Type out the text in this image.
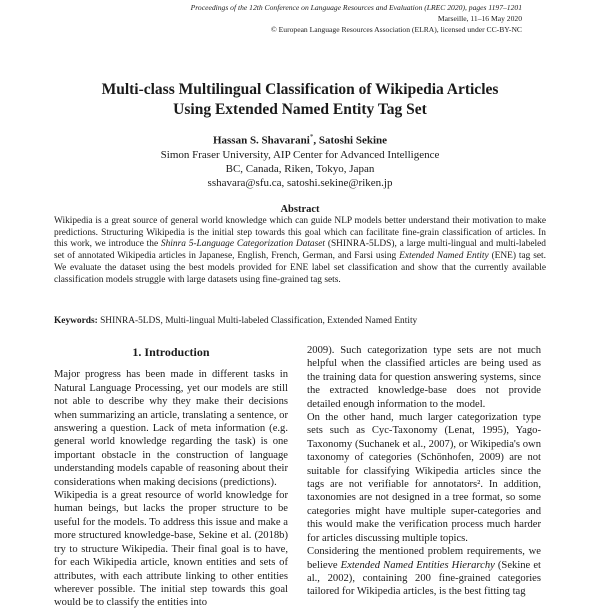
Proceedings of the 12th Conference on Language Resources and Evaluation (LREC 2020), pages 1197–1201
Marseille, 11–16 May 2020
© European Language Resources Association (ELRA), licensed under CC-BY-NC
Multi-class Multilingual Classification of Wikipedia Articles
Using Extended Named Entity Tag Set
Hassan S. Shavarani*, Satoshi Sekine
Simon Fraser University, AIP Center for Advanced Intelligence
BC, Canada, Riken, Tokyo, Japan
sshavara@sfu.ca, satoshi.sekine@riken.jp
Abstract
Wikipedia is a great source of general world knowledge which can guide NLP models better understand their motivation to make predictions. Structuring Wikipedia is the initial step towards this goal which can facilitate fine-grain classification of articles. In this work, we introduce the Shinra 5-Language Categorization Dataset (SHINRA-5LDS), a large multi-lingual and multi-labeled set of annotated Wikipedia articles in Japanese, English, French, German, and Farsi using Extended Named Entity (ENE) tag set. We evaluate the dataset using the best models provided for ENE label set classification and show that the currently available classification models struggle with large datasets using fine-grained tag sets.
Keywords: SHINRA-5LDS, Multi-lingual Multi-labeled Classification, Extended Named Entity
1. Introduction

Major progress has been made in different tasks in Natural Language Processing, yet our models are still not able to describe why they make their decisions when summarizing an article, translating a sentence, or answering a question. Lack of meta information (e.g. general world knowledge regarding the task) is one important obstacle in the construction of language understanding models capable of reasoning about their considerations when making decisions (predictions).

Wikipedia is a great resource of world knowledge for human beings, but lacks the proper structure to be useful for the models. To address this issue and make a more structured knowledge-base, Sekine et al. (2018b) try to structure Wikipedia. Their final goal is to have, for each Wikipedia article, known entities and sets of attributes, with each attribute linking to other entities wherever possible. The initial step towards this goal would be to classify the entities into

2009). Such categorization type sets are not much helpful when the classified articles are being used as the training data for question answering systems, since the extracted knowledge-base does not provide detailed enough information to the model.

On the other hand, much larger categorization type sets such as Cyc-Taxonomy (Lenat, 1995), Yago-Taxonomy (Suchanek et al., 2007), or Wikipedia's own taxonomy of categories (Schönhofen, 2009) are not suitable for classifying Wikipedia articles since the tags are not verifiable for annotators². In addition, taxonomies are not designed in a tree format, so some categories might have multiple super-categories and this would make the verification process much harder for articles discussing multiple topics.

Considering the mentioned problem requirements, we believe Extended Named Entities Hierarchy (Sekine et al., 2002), containing 200 fine-grained categories tailored for Wikipedia articles, is the best fitting tag
